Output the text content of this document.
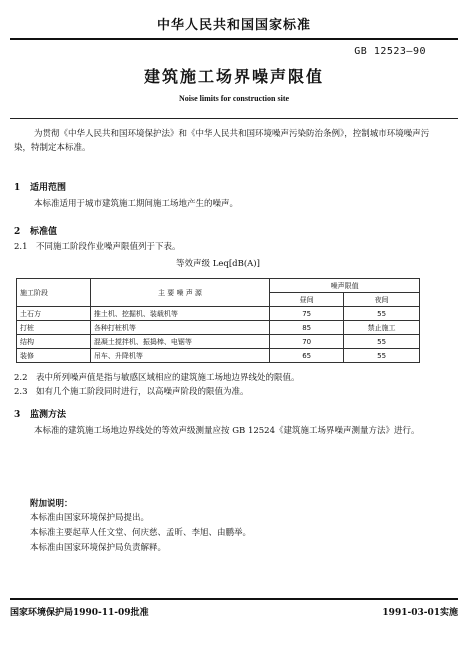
中华人民共和国国家标准
GB 12523—90
建筑施工场界噪声限值
Noise limits for construction site
为贯彻《中华人民共和国环境保护法》和《中华人民共和国环境噪声污染防治条例》，控制城市环境噪声污染，特制定本标准。
1 适用范围
本标准适用于城市建筑施工期间施工场地产生的噪声。
2 标准值
2.1 不同施工阶段作业噪声限值列于下表。
等效声级 Leq[dB(A)]
施工阶段	主 要 噪 声 源	噪声限值	
		昼间	夜间
土石方	推土机、挖掘机、装载机等	75	55
打桩	各种打桩机等	85	禁止施工
结构	混凝土搅拌机、振捣棒、电锯等	70	55
装修	吊车、升降机等	65	55
2.2 表中所列噪声值是指与敏感区域相应的建筑施工场地边界线处的限值。
2.3 如有几个施工阶段同时进行，以高噪声阶段的限值为准。
3 监测方法
本标准的建筑施工场地边界线处的等效声级测量应按 GB 12524《建筑施工场界噪声测量方法》进行。
附加说明：
本标准由国家环境保护局提出。
本标准主要起草人任文堂、何庆慈、孟昕、李旭、由鹏举。
本标准由国家环境保护局负责解释。
国家环境保护局1990-11-09批准	1991-03-01实施
